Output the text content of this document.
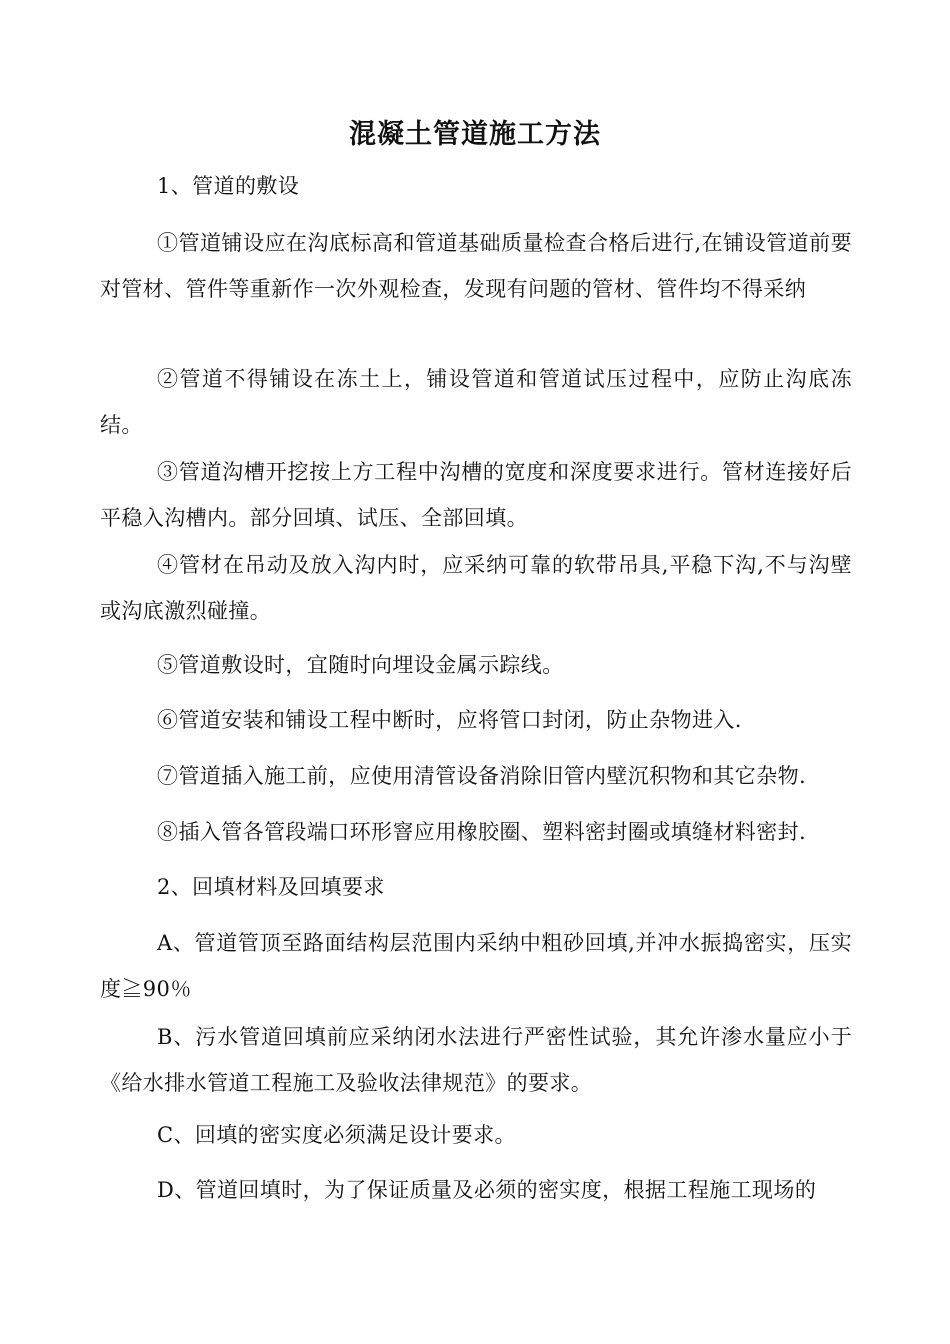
混凝土管道施工方法
1、管道的敷设
①管道铺设应在沟底标高和管道基础质量检查合格后进行,在铺设管道前要对管材、管件等重新作一次外观检查，发现有问题的管材、管件均不得采纳
②管道不得铺设在冻土上，铺设管道和管道试压过程中，应防止沟底冻结。
③管道沟槽开挖按上方工程中沟槽的宽度和深度要求进行。管材连接好后平稳入沟槽内。部分回填、试压、全部回填。
④管材在吊动及放入沟内时，应采纳可靠的软带吊具,平稳下沟,不与沟壁或沟底激烈碰撞。
⑤管道敷设时，宜随时向埋设金属示踪线。
⑥管道安装和铺设工程中断时，应将管口封闭，防止杂物进入.
⑦管道插入施工前，应使用清管设备消除旧管内壁沉积物和其它杂物.
⑧插入管各管段端口环形窨应用橡胶圈、塑料密封圈或填缝材料密封.
2、回填材料及回填要求
A、管道管顶至路面结构层范围内采纳中粗砂回填,并冲水振捣密实，压实度≧90％
B、污水管道回填前应采纳闭水法进行严密性试验，其允许渗水量应小于《给水排水管道工程施工及验收法律规范》的要求。
C、回填的密实度必须满足设计要求。
D、管道回填时，为了保证质量及必须的密实度，根据工程施工现场的
